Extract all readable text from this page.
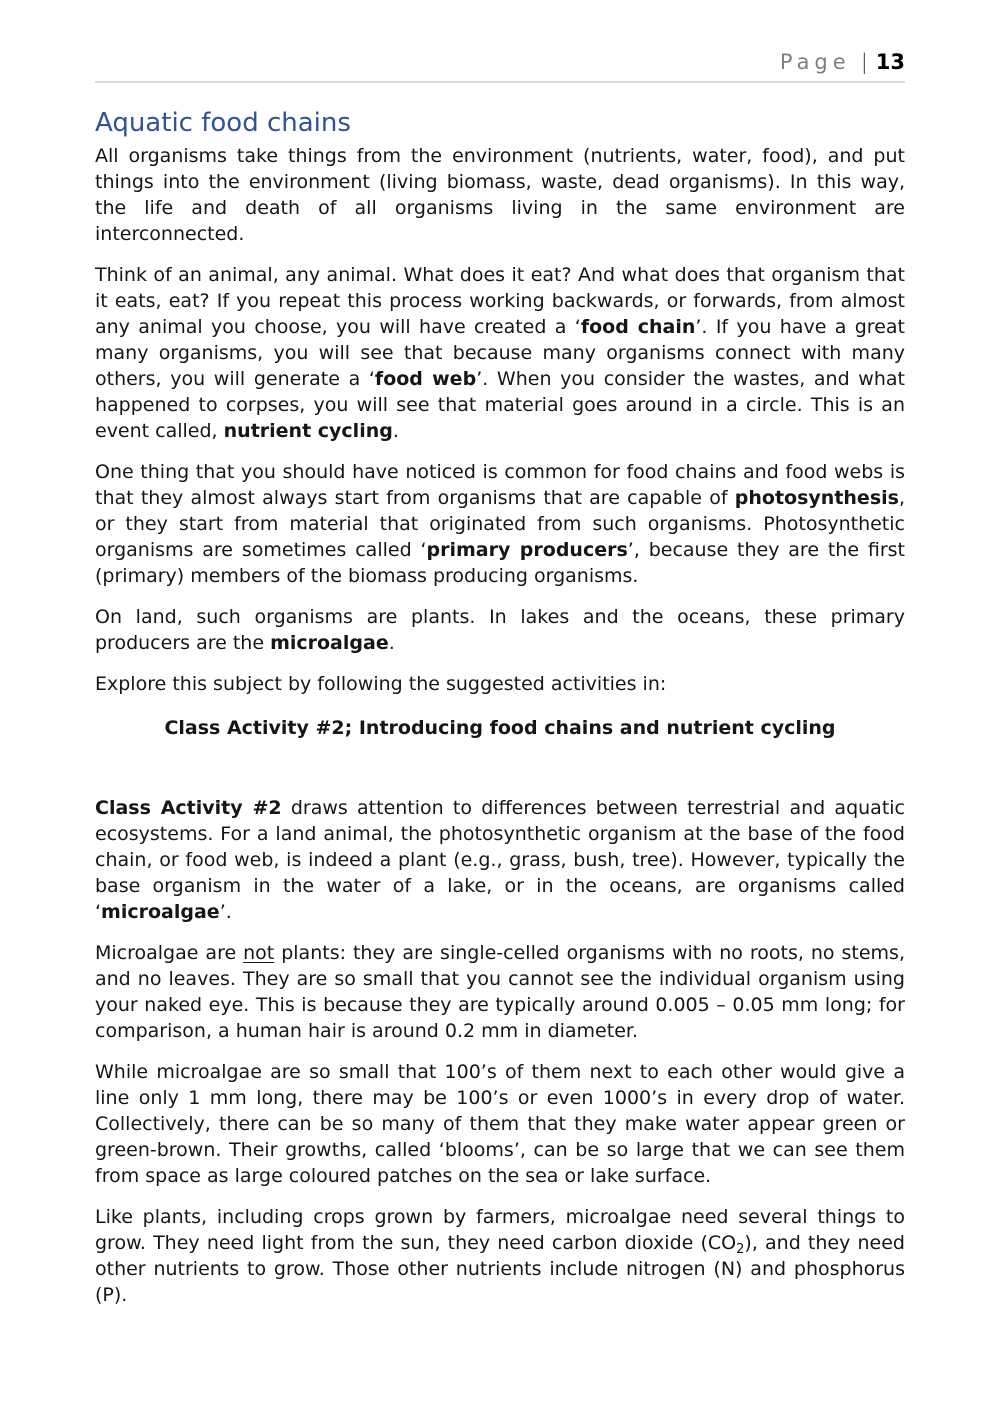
Page | 13
Aquatic food chains

All organisms take things from the environment (nutrients, water, food), and put things into the environment (living biomass, waste, dead organisms). In this way, the life and death of all organisms living in the same environment are interconnected.

Think of an animal, any animal. What does it eat? And what does that organism that it eats, eat? If you repeat this process working backwards, or forwards, from almost any animal you choose, you will have created a ‘food chain’. If you have a great many organisms, you will see that because many organisms connect with many others, you will generate a ‘food web’. When you consider the wastes, and what happened to corpses, you will see that material goes around in a circle. This is an event called, nutrient cycling.

One thing that you should have noticed is common for food chains and food webs is that they almost always start from organisms that are capable of photosynthesis, or they start from material that originated from such organisms. Photosynthetic organisms are sometimes called ‘primary producers’, because they are the first (primary) members of the biomass producing organisms.

On land, such organisms are plants. In lakes and the oceans, these primary producers are the microalgae.

Explore this subject by following the suggested activities in:

Class Activity #2; Introducing food chains and nutrient cycling

Class Activity #2 draws attention to differences between terrestrial and aquatic ecosystems. For a land animal, the photosynthetic organism at the base of the food chain, or food web, is indeed a plant (e.g., grass, bush, tree). However, typically the base organism in the water of a lake, or in the oceans, are organisms called ‘microalgae’.

Microalgae are not plants: they are single-celled organisms with no roots, no stems, and no leaves. They are so small that you cannot see the individual organism using your naked eye. This is because they are typically around 0.005 – 0.05 mm long; for comparison, a human hair is around 0.2 mm in diameter.

While microalgae are so small that 100’s of them next to each other would give a line only 1 mm long, there may be 100’s or even 1000’s in every drop of water. Collectively, there can be so many of them that they make water appear green or green-brown. Their growths, called ‘blooms’, can be so large that we can see them from space as large coloured patches on the sea or lake surface.

Like plants, including crops grown by farmers, microalgae need several things to grow. They need light from the sun, they need carbon dioxide $(CO_2)$, and they need other nutrients to grow. Those other nutrients include nitrogen (N) and phosphorus (P).
